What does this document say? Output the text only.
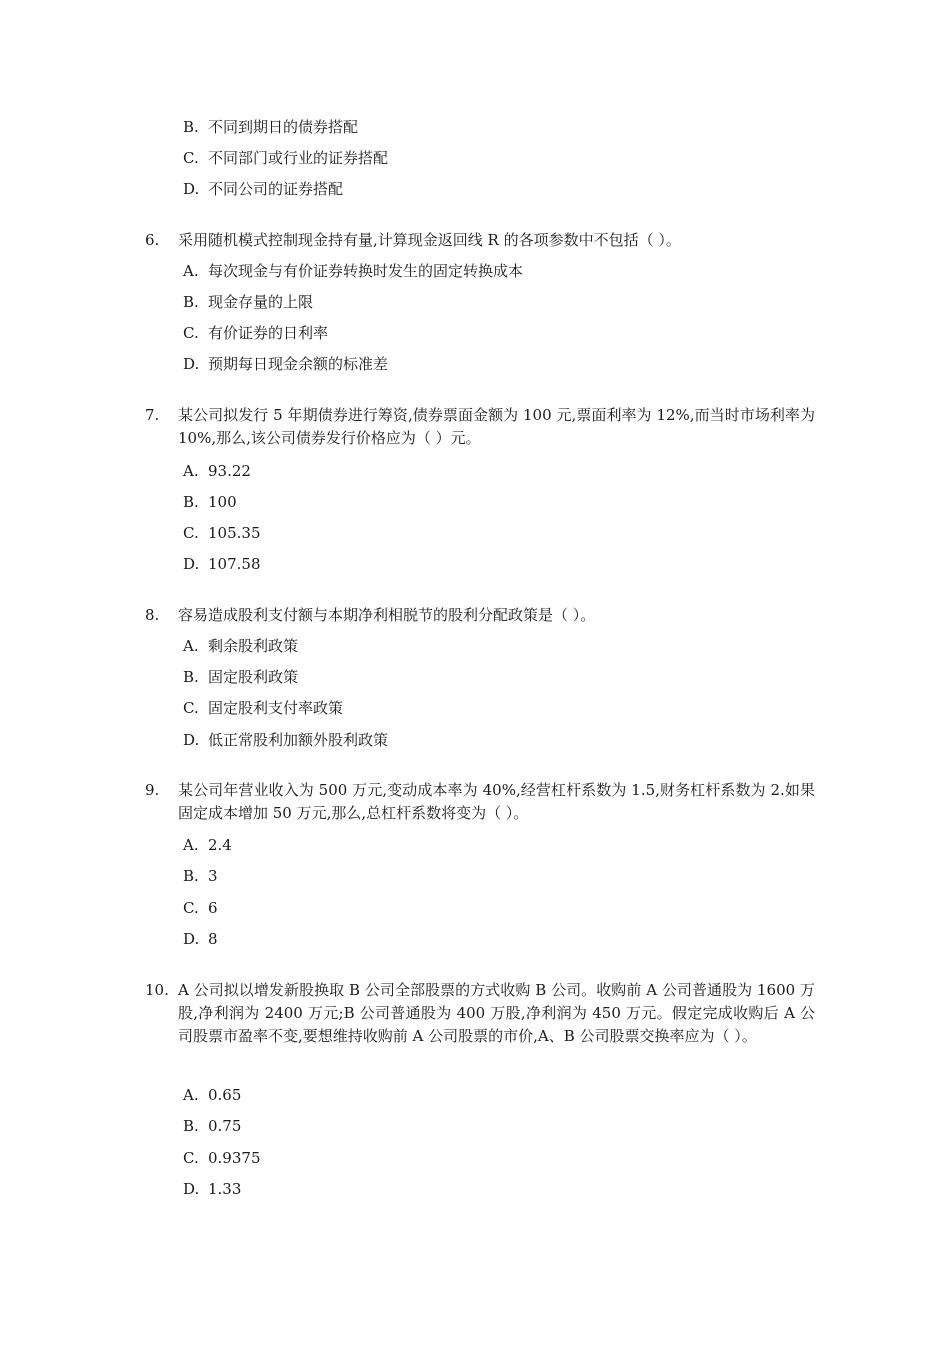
B. 不同到期日的债券搭配
C. 不同部门或行业的证券搭配
D. 不同公司的证券搭配
6. 采用随机模式控制现金持有量,计算现金返回线 R 的各项参数中不包括（ ）。
A. 每次现金与有价证券转换时发生的固定转换成本
B. 现金存量的上限
C. 有价证券的日利率
D. 预期每日现金余额的标准差
7. 某公司拟发行 5 年期债券进行筹资,债券票面金额为 100 元,票面利率为 12%,而当时市场利率为 10%,那么,该公司债券发行价格应为（ ）元。
A. 93.22
B. 100
C. 105.35
D. 107.58
8. 容易造成股利支付额与本期净利相脱节的股利分配政策是（ ）。
A. 剩余股利政策
B. 固定股利政策
C. 固定股利支付率政策
D. 低正常股利加额外股利政策
9. 某公司年营业收入为 500 万元,变动成本率为 40%,经营杠杆系数为 1.5,财务杠杆系数为 2.如果固定成本增加 50 万元,那么,总杠杆系数将变为（ ）。
A. 2.4
B. 3
C. 6
D. 8
10. A 公司拟以增发新股换取 B 公司全部股票的方式收购 B 公司。收购前 A 公司普通股为 1600 万股,净利润为 2400 万元;B 公司普通股为 400 万股,净利润为 450 万元。假定完成收购后 A 公司股票市盈率不变,要想维持收购前 A 公司股票的市价,A、B 公司股票交换率应为（ ）。
A. 0.65
B. 0.75
C. 0.9375
D. 1.33
